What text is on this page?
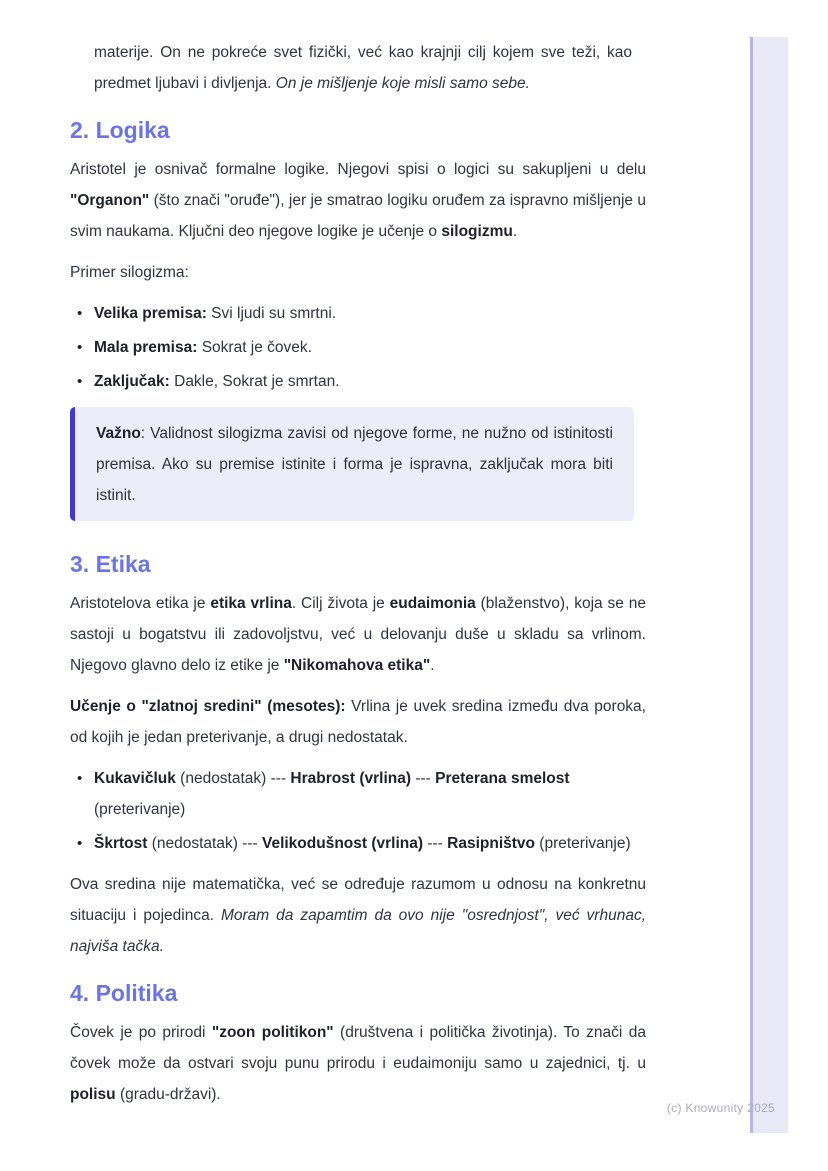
materije. On ne pokreće svet fizički, već kao krajnji cilj kojem sve teži, kao predmet ljubavi i divljenja. On je mišljenje koje misli samo sebe.

2. Logika

Aristotel je osnivač formalne logike. Njegovi spisi o logici su sakupljeni u delu "Organon" (što znači "oruđe"), jer je smatrao logiku oruđem za ispravno mišljenje u svim naukama. Ključni deo njegove logike je učenje o silogizmu.

Primer silogizma:

• Velika premisa: Svi ljudi su smrtni.
• Mala premisa: Sokrat je čovek.
• Zaključak: Dakle, Sokrat je smrtan.

Važno: Validnost silogizma zavisi od njegove forme, ne nužno od istinitosti premisa. Ako su premise istinite i forma je ispravna, zaključak mora biti istinit.

3. Etika

Aristotelova etika je etika vrlina. Cilj života je eudaimonia (blaženstvo), koja se ne sastoji u bogatstvu ili zadovoljstvu, već u delovanju duše u skladu sa vrlinom. Njegovo glavno delo iz etike je "Nikomahova etika".

Učenje o "zlatnoj sredini" (mesotes): Vrlina je uvek sredina između dva poroka, od kojih je jedan preterivanje, a drugi nedostatak.

• Kukavičluk (nedostatak) --- Hrabrost (vrlina) --- Preterana smelost (preterivanje)
• Škrtost (nedostatak) --- Velikodušnost (vrlina) --- Rasipništvo (preterivanje)

Ova sredina nije matematička, već se određuje razumom u odnosu na konkretnu situaciju i pojedinca. Moram da zapamtim da ovo nije "osrednjost", već vrhunac, najviša tačka.

4. Politika

Čovek je po prirodi "zoon politikon" (društvena i politička životinja). To znači da čovek može da ostvari svoju punu prirodu i eudaimoniju samo u zajednici, tj. u polisu (gradu-državi).

(c) Knowunity 2025
